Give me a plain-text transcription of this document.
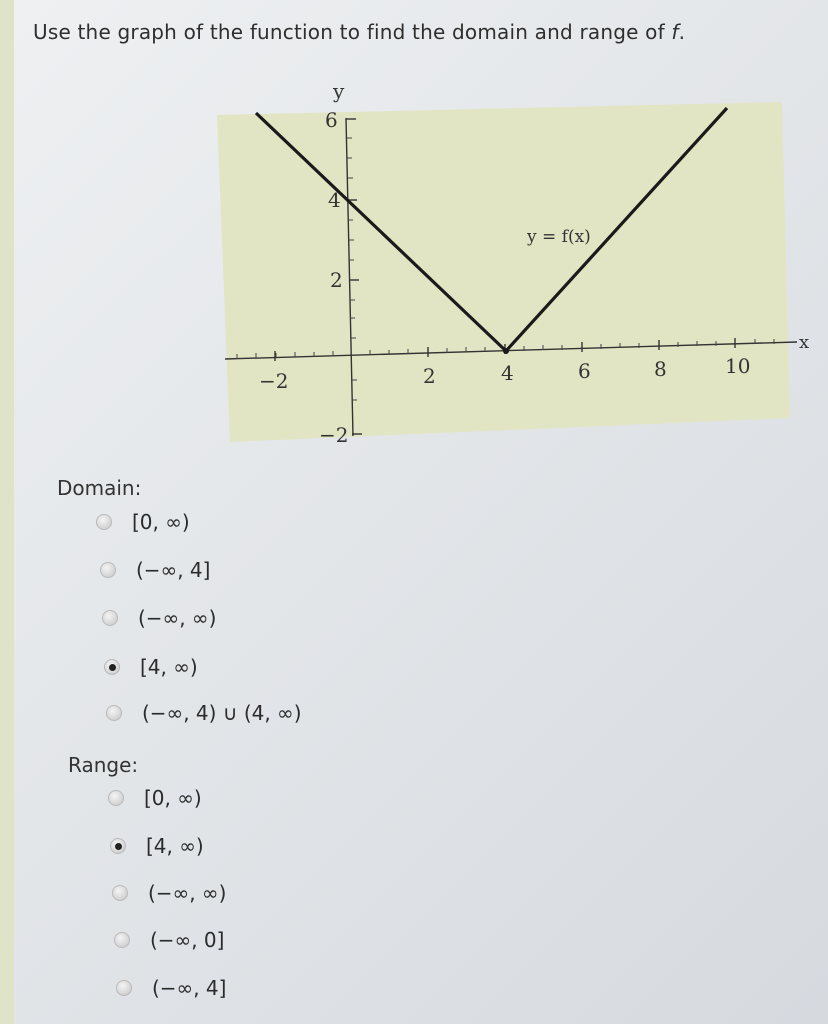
Use the graph of the function to find the domain and range of f.
y
x
y = f(x)
−2	2	4	6	8	10
6
4
2
−2
Domain:
[0, ∞)
(−∞, 4]
(−∞, ∞)
[4, ∞)
(−∞, 4) ∪ (4, ∞)
Range:
[0, ∞)
[4, ∞)
(−∞, ∞)
(−∞, 0]
(−∞, 4]
